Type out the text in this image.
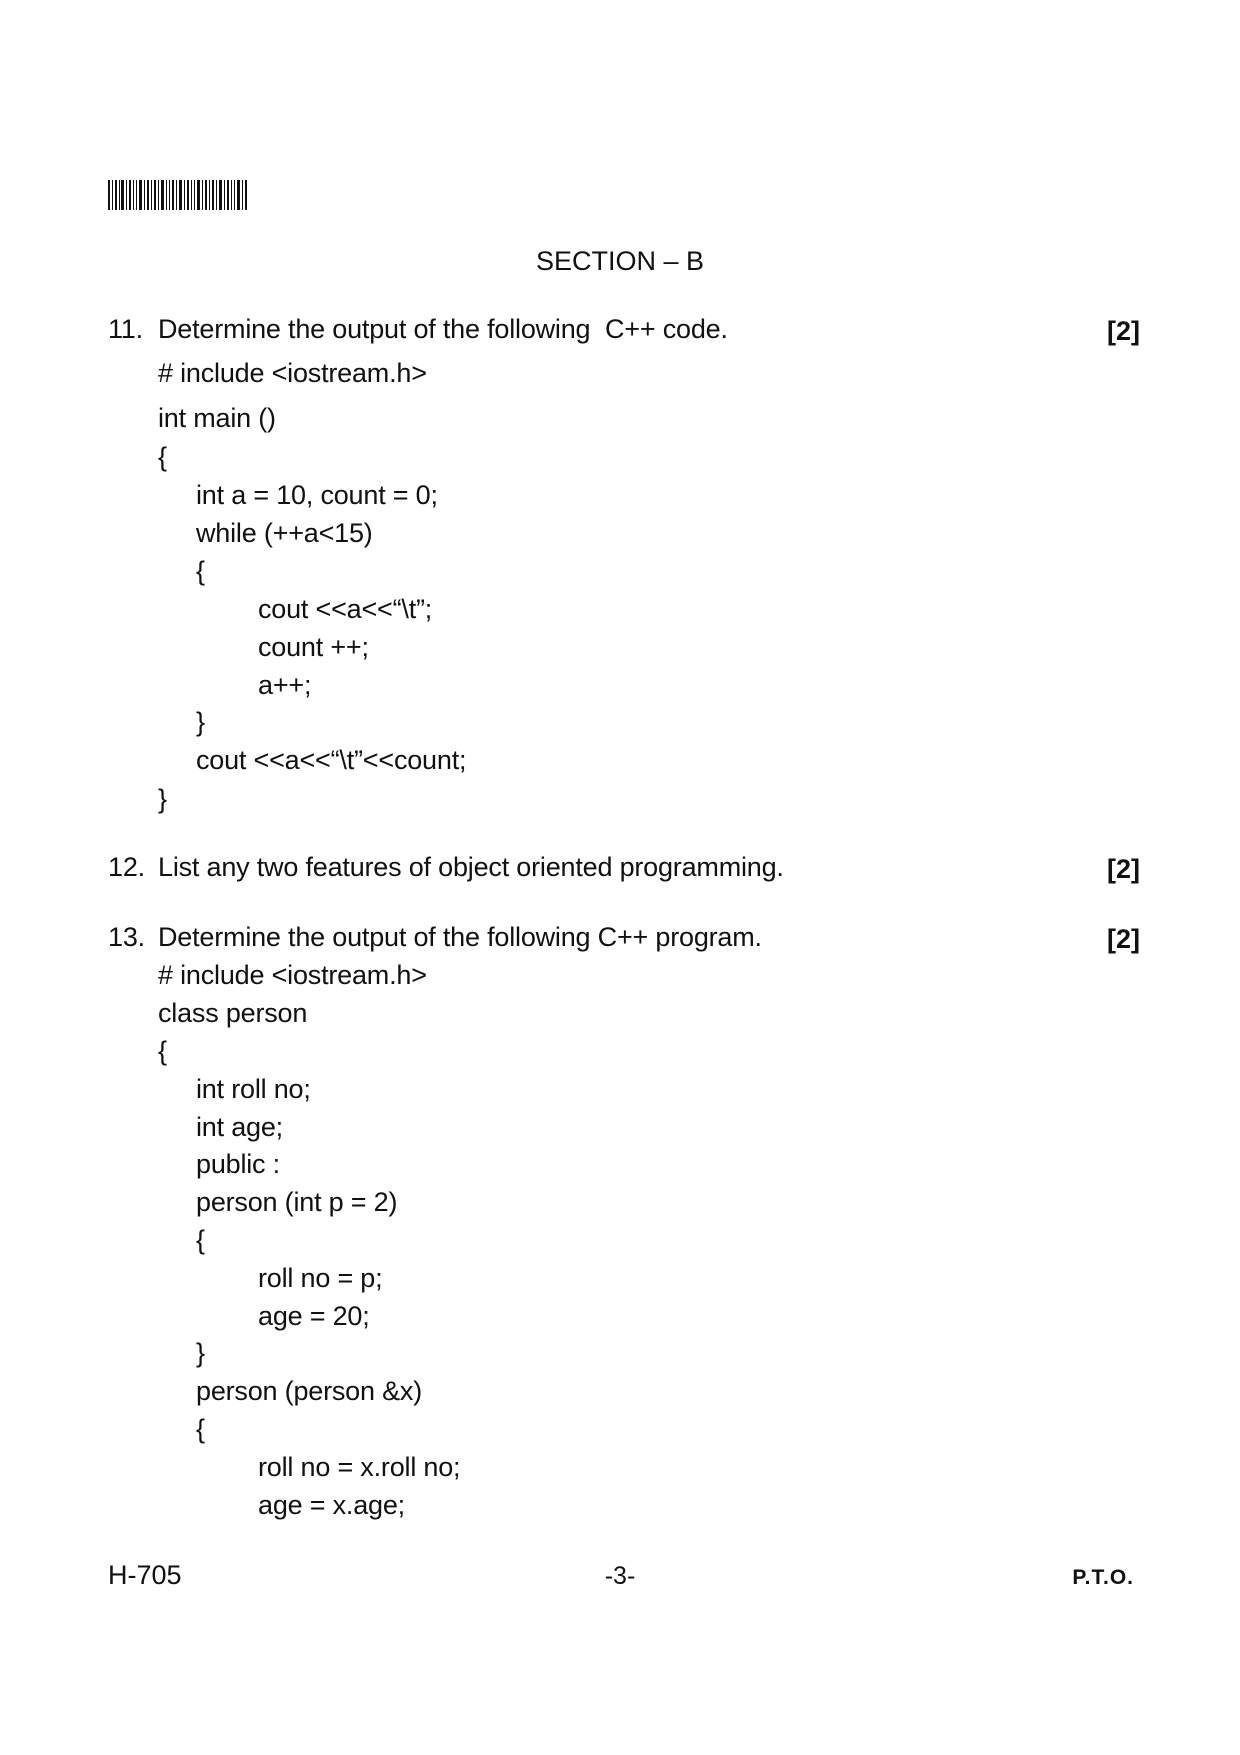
SECTION – B
11. Determine the output of the following  C++ code.	[2]
# include <iostream.h>
int main ()
{
int a = 10, count = 0;
while (++a<15)
{
cout <<a<<“\t”;
count ++;
a++;
}
cout <<a<<“\t”<<count;
}
12. List any two features of object oriented programming.	[2]
13. Determine the output of the following C++ program.	[2]
# include <iostream.h>
class person
{
int roll no;
int age;
public :
person (int p = 2)
{
roll no = p;
age = 20;
}
person (person &x)
{
roll no = x.roll no;
age = x.age;
H-705	-3-	P.T.O.
